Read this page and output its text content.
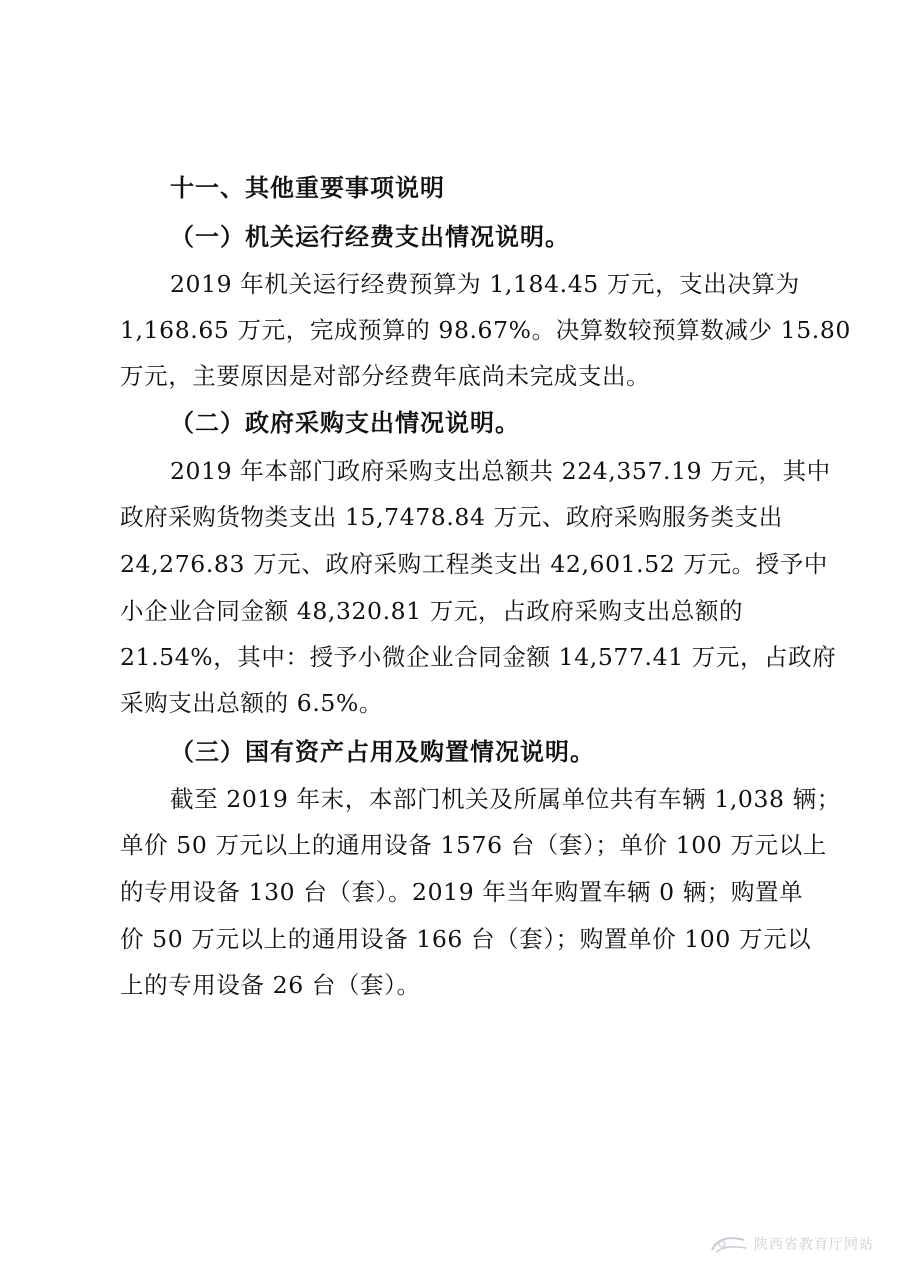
十一、其他重要事项说明
（一）机关运行经费支出情况说明。
2019 年机关运行经费预算为 1,184.45 万元，支出决算为
1,168.65 万元，完成预算的 98.67%。决算数较预算数减少 15.80
万元，主要原因是对部分经费年底尚未完成支出。
（二）政府采购支出情况说明。
2019 年本部门政府采购支出总额共 224,357.19 万元，其中
政府采购货物类支出 15,7478.84 万元、政府采购服务类支出
24,276.83 万元、政府采购工程类支出 42,601.52 万元。授予中
小企业合同金额 48,320.81 万元，占政府采购支出总额的
21.54%，其中：授予小微企业合同金额 14,577.41 万元，占政府
采购支出总额的 6.5%。
（三）国有资产占用及购置情况说明。
截至 2019 年末，本部门机关及所属单位共有车辆 1,038 辆；
单价 50 万元以上的通用设备 1576 台（套）；单价 100 万元以上
的专用设备 130 台（套）。2019 年当年购置车辆 0 辆；购置单
价 50 万元以上的通用设备 166 台（套）；购置单价 100 万元以
上的专用设备 26 台（套）。
陕西省教育厅网站
